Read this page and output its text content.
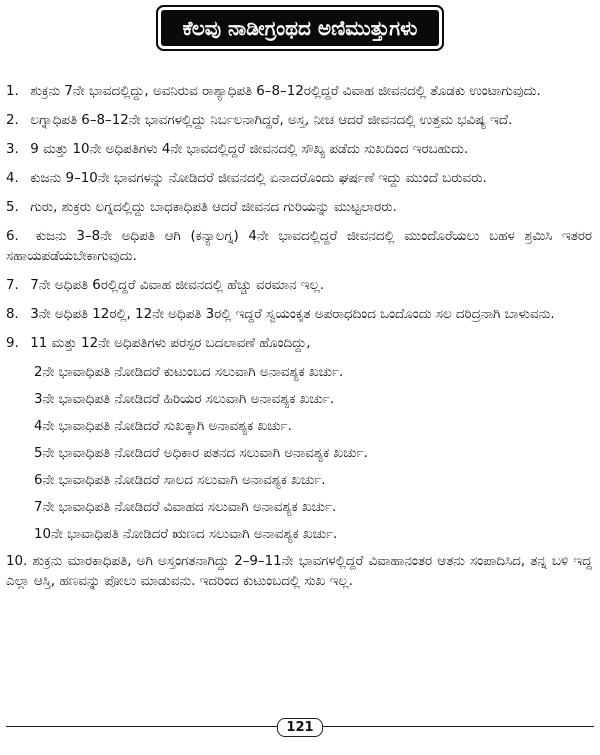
ಕೆಲವು ನಾಡೀಗ್ರಂಥದ ಅಣಿಮುತ್ತುಗಳು
1. ಶುಕ್ರನು 7ನೇ ಭಾವದಲ್ಲಿದ್ದು, ಅವನಿರುವ ರಾಶ್ಯಾಧಿಪತಿ 6–8–12ರಲ್ಲಿದ್ದರೆ ವಿವಾಹ ಜೀವನದಲ್ಲಿ ತೊಡಕು ಉಂಟಾಗುವುದು.
2. ಲಗ್ನಾಧಿಪತಿ 6–8–12ನೇ ಭಾವಗಳಲ್ಲಿದ್ದು ನಿರ್ಬಲನಾಗಿದ್ದರೆ, ಅಸ್ತ, ನೀಚ ಆದರೆ ಜೀವನದಲ್ಲಿ ಉತ್ತಮ ಭವಿಷ್ಯ ಇದೆ.
3. 9 ಮತ್ತು 10ನೇ ಅಧಿಪತಿಗಳು 4ನೇ ಭಾವದಲ್ಲಿದ್ದರೆ ಜೀವನದಲ್ಲಿ ಸೌಖ್ಯ ಪಡೆದು ಸುಖದಿಂದ ಇರಬಹುದು.
4. ಕುಜನು 9–10ನೇ ಭಾವಗಳನ್ನು ನೋಡಿದರೆ ಜೀವನದಲ್ಲಿ ಏನಾದರೊಂದು ಘರ್ಷಣೆ ಇದ್ದು ಮುಂದೆ ಬರುವರು.
5. ಗುರು, ಶುಕ್ರರು ಲಗ್ನದಲ್ಲಿದ್ದು ಬಾಧಕಾಧಿಪತಿ ಆದರೆ ಜೀವನದ ಗುರಿಯನ್ನು ಮುಟ್ಟಲಾರರು.
6. ಕುಜನು 3–8ನೇ ಅಧಿಪತಿ ಆಗಿ (ಕನ್ಯಾಲಗ್ನ) 4ನೇ ಭಾವದಲ್ಲಿದ್ದರೆ ಜೀವನದಲ್ಲಿ ಮುಂದೊರೆಯಲು ಬಹಳ ಶ್ರಮಿಸಿ ಇತರರ ಸಹಾಯಪಡೆಯಬೇಕಾಗುವುದು.
7. 7ನೇ ಅಧಿಪತಿ 6ರಲ್ಲಿದ್ದರೆ ವಿವಾಹ ಜೀವನದಲ್ಲಿ ಹೆಚ್ಚು ವರಮಾನ ಇಲ್ಲ.
8. 3ನೇ ಅಧಿಪತಿ 12ರಲ್ಲಿ, 12ನೇ ಅಧಿಪತಿ 3ರಲ್ಲಿ ಇದ್ದರೆ ಸ್ವಯಂಕೃತ ಅಪರಾಧದಿಂದ ಒಂದೊಂದು ಸಲ ದರಿದ್ರನಾಗಿ ಬಾಳುವನು.
9. 11 ಮತ್ತು 12ನೇ ಅಧಿಪತಿಗಳು ಪರಸ್ಪರ ಬದಲಾವಣೆ ಹೊಂದಿದ್ದು,
2ನೇ ಭಾವಾಧಿಪತಿ ನೋಡಿದರೆ ಕುಟುಂಬದ ಸಲುವಾಗಿ ಅನಾವಶ್ಯಕ ಖರ್ಚು.
3ನೇ ಭಾವಾಧಿಪತಿ ನೋಡಿದರೆ ಹಿರಿಯರ ಸಲುವಾಗಿ ಅನಾವಶ್ಯಕ ಖರ್ಚು.
4ನೇ ಭಾವಾಧಿಪತಿ ನೋಡಿದರೆ ಸುಖಕ್ಕಾಗಿ ಅನಾವಶ್ಯಕ ಖರ್ಚು.
5ನೇ ಭಾವಾಧಿಪತಿ ನೋಡಿದರೆ ಅಧಿಕಾರ ಪತನದ ಸಲುವಾಗಿ ಅನಾವಶ್ಯಕ ಖರ್ಚು.
6ನೇ ಭಾವಾಧಿಪತಿ ನೋಡಿದರೆ ಸಾಲದ ಸಲುವಾಗಿ ಅನಾವಶ್ಯಕ ಖರ್ಚು.
7ನೇ ಭಾವಾಧಿಪತಿ ನೋಡಿದರೆ ವಿವಾಹದ ಸಲುವಾಗಿ ಅನಾವಶ್ಯಕ ಖರ್ಚು.
10ನೇ ಭಾವಾಧಿಪತಿ ನೋಡಿದರೆ ಋಣದ ಸಲುವಾಗಿ ಅನಾವಶ್ಯಕ ಖರ್ಚು.
10. ಶುಕ್ರನು ಮಾರಕಾಧಿಪತಿ, ಅಗಿ ಅಸ್ತಂಗತನಾಗಿದ್ದು 2–9–11ನೇ ಭಾವಗಳಲ್ಲಿದ್ದರೆ ವಿವಾಹಾನಂತರ ಆತನು ಸಂಪಾದಿಸಿದ, ತನ್ನ ಬಳಿ ಇದ್ದ ಎಲ್ಲಾ ಆಸ್ತಿ, ಹಣವನ್ನು ಪೋಲು ಮಾಡುವನು. ಇದರಿಂದ ಕುಟುಂಬದಲ್ಲಿ ಸುಖ ಇಲ್ಲ.
121
